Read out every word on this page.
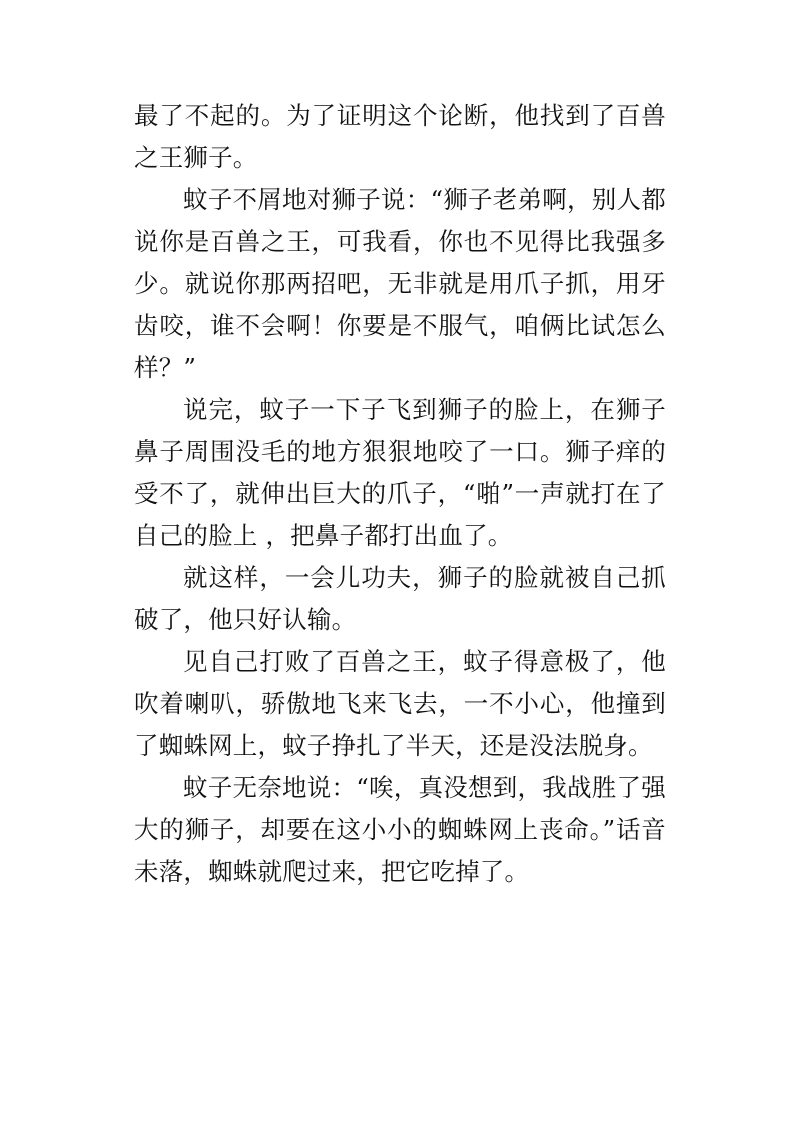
最了不起的。为了证明这个论断，他找到了百兽之王狮子。

蚊子不屑地对狮子说：“狮子老弟啊，别人都说你是百兽之王，可我看，你也不见得比我强多少。就说你那两招吧，无非就是用爪子抓，用牙齿咬，谁不会啊！你要是不服气，咱俩比试怎么样？”

说完，蚊子一下子飞到狮子的脸上，在狮子鼻子周围没毛的地方狠狠地咬了一口。狮子痒的受不了，就伸出巨大的爪子，“啪”一声就打在了自己的脸上 ，把鼻子都打出血了。

就这样，一会儿功夫，狮子的脸就被自己抓破了，他只好认输。

见自己打败了百兽之王，蚊子得意极了，他吹着喇叭，骄傲地飞来飞去，一不小心，他撞到了蜘蛛网上，蚊子挣扎了半天，还是没法脱身。

蚊子无奈地说：“唉，真没想到，我战胜了强大的狮子，却要在这小小的蜘蛛网上丧命。”话音未落，蜘蛛就爬过来，把它吃掉了。
